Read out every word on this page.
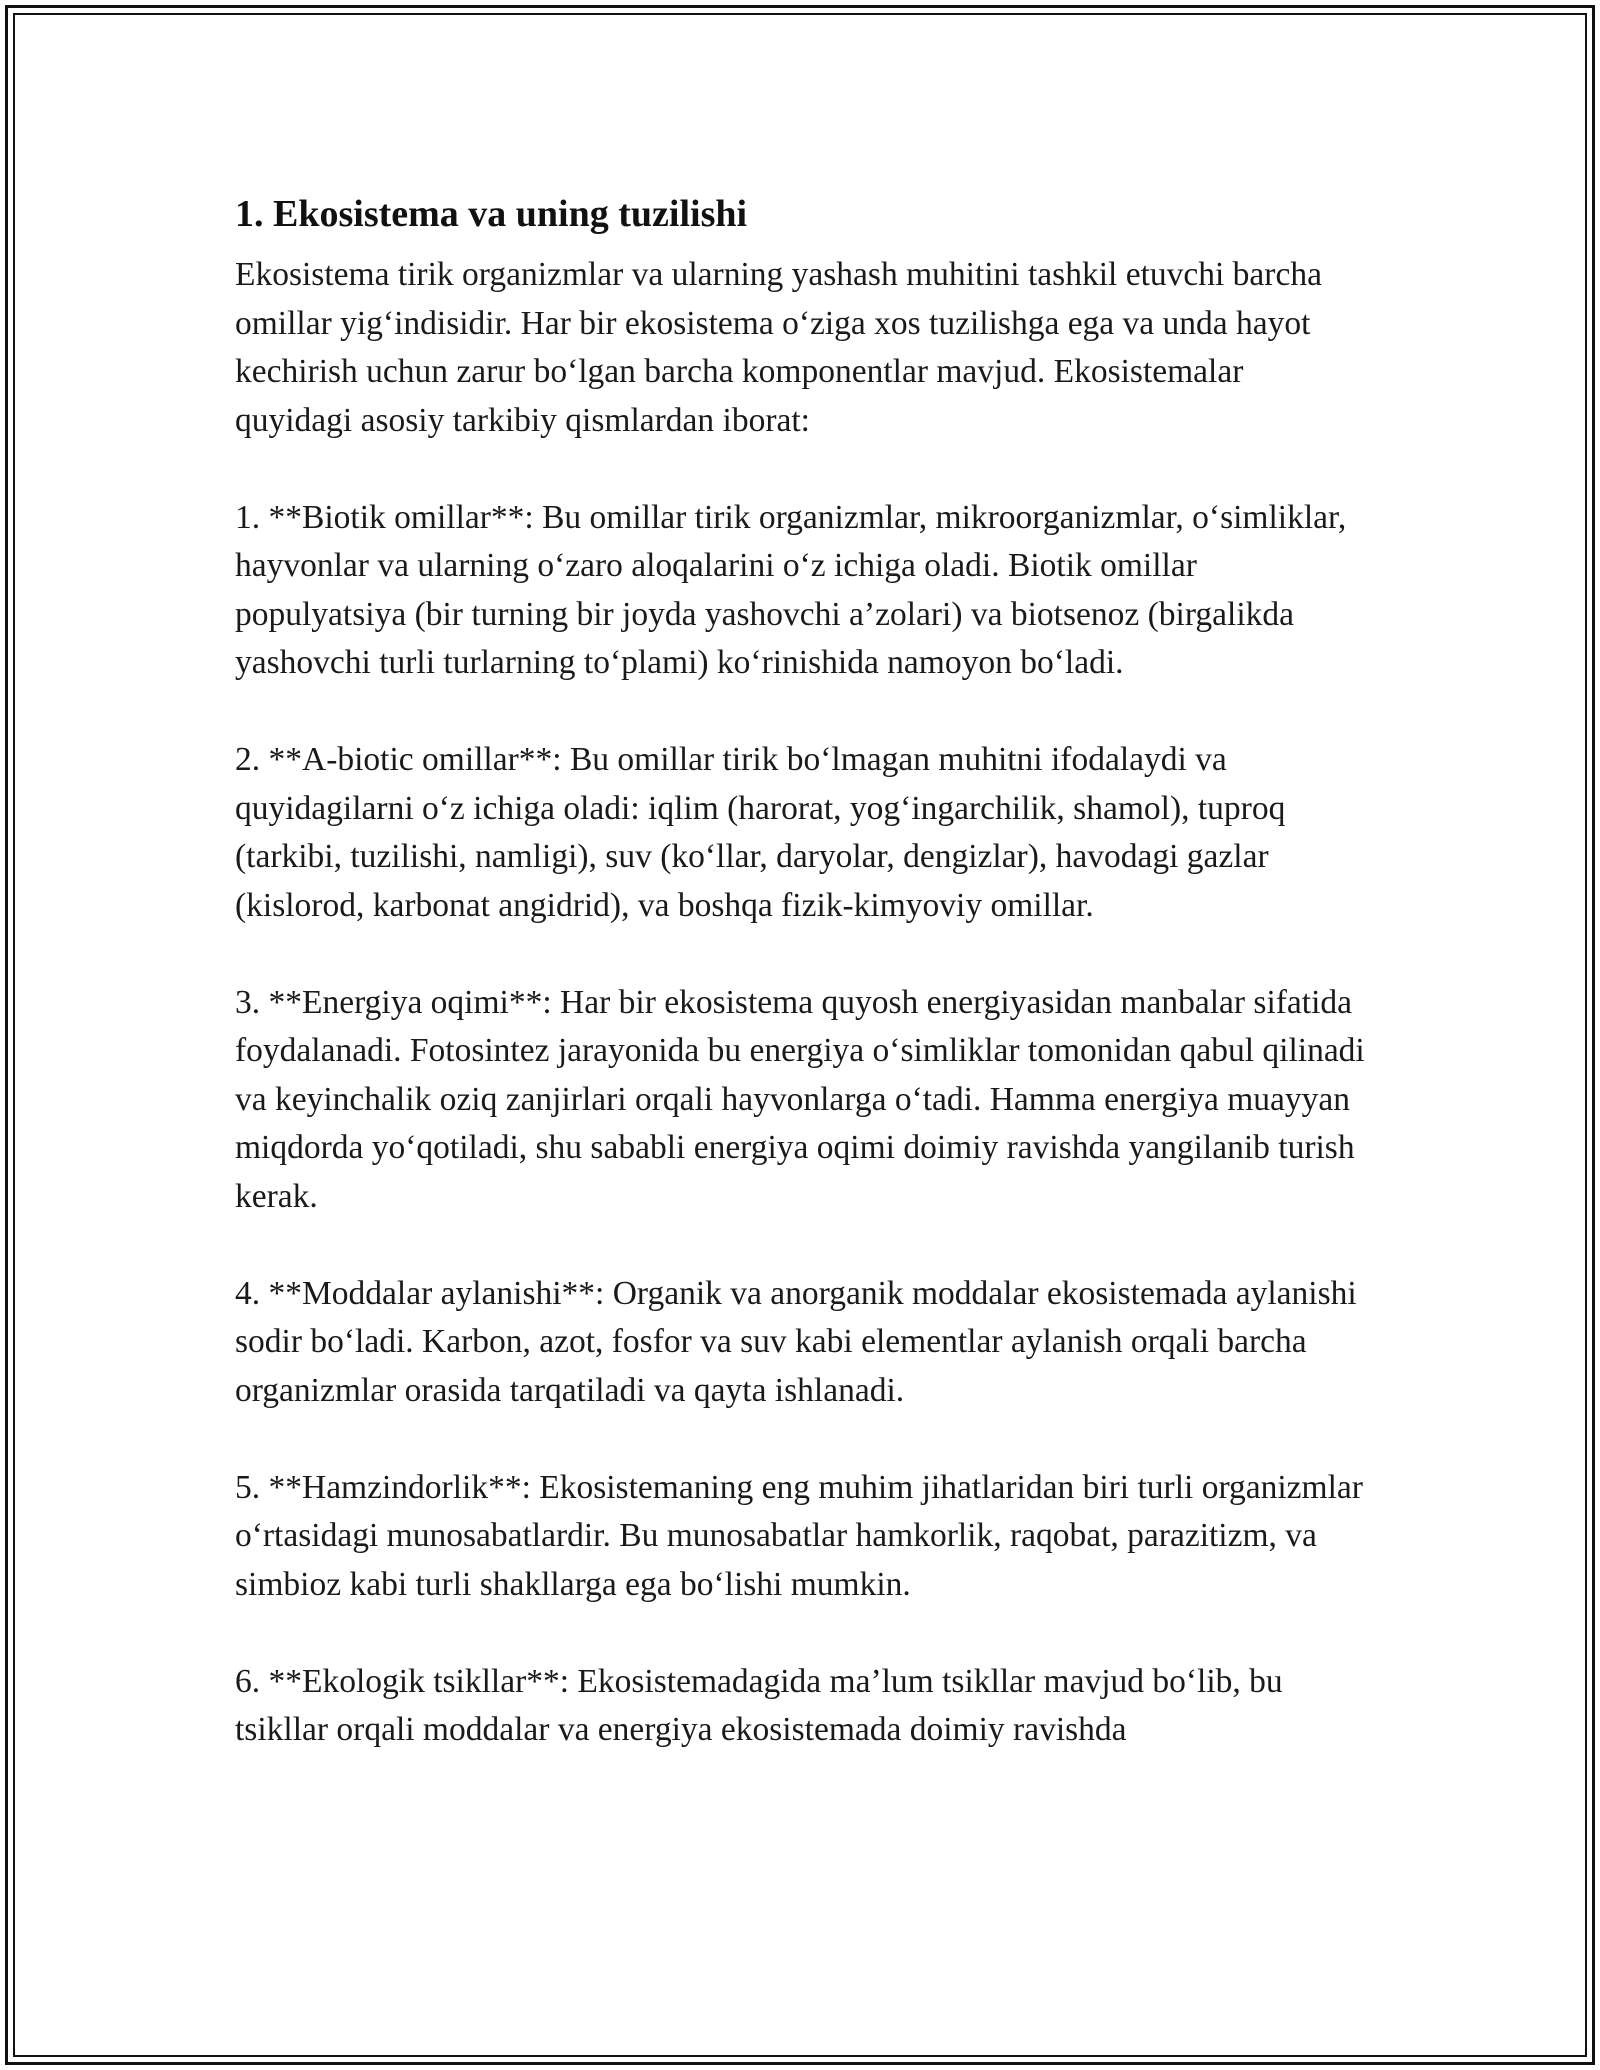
1. Ekosistema va uning tuzilishi

Ekosistema tirik organizmlar va ularning yashash muhitini tashkil etuvchi barcha omillar yig‘indisidir. Har bir ekosistema o‘ziga xos tuzilishga ega va unda hayot kechirish uchun zarur bo‘lgan barcha komponentlar mavjud. Ekosistemalar quyidagi asosiy tarkibiy qismlardan iborat:

1. **Biotik omillar**: Bu omillar tirik organizmlar, mikroorganizmlar, o‘simliklar, hayvonlar va ularning o‘zaro aloqalarini o‘z ichiga oladi. Biotik omillar populyatsiya (bir turning bir joyda yashovchi a’zolari) va biotsenoz (birgalikda yashovchi turli turlarning to‘plami) ko‘rinishida namoyon bo‘ladi.

2. **A-biotic omillar**: Bu omillar tirik bo‘lmagan muhitni ifodalaydi va quyidagilarni o‘z ichiga oladi: iqlim (harorat, yog‘ingarchilik, shamol), tuproq (tarkibi, tuzilishi, namligi), suv (ko‘llar, daryolar, dengizlar), havodagi gazlar (kislorod, karbonat angidrid), va boshqa fizik-kimyoviy omillar.

3. **Energiya oqimi**: Har bir ekosistema quyosh energiyasidan manbalar sifatida foydalanadi. Fotosintez jarayonida bu energiya o‘simliklar tomonidan qabul qilinadi va keyinchalik oziq zanjirlari orqali hayvonlarga o‘tadi. Hamma energiya muayyan miqdorda yo‘qotiladi, shu sababli energiya oqimi doimiy ravishda yangilanib turish kerak.

4. **Moddalar aylanishi**: Organik va anorganik moddalar ekosistemada aylanishi sodir bo‘ladi. Karbon, azot, fosfor va suv kabi elementlar aylanish orqali barcha organizmlar orasida tarqatiladi va qayta ishlanadi.

5. **Hamzindorlik**: Ekosistemaning eng muhim jihatlaridan biri turli organizmlar o‘rtasidagi munosabatlardir. Bu munosabatlar hamkorlik, raqobat, parazitizm, va simbioz kabi turli shakllarga ega bo‘lishi mumkin.

6. **Ekologik tsikllar**: Ekosistemadagida ma’lum tsikllar mavjud bo‘lib, bu tsikllar orqali moddalar va energiya ekosistemada doimiy ravishda
